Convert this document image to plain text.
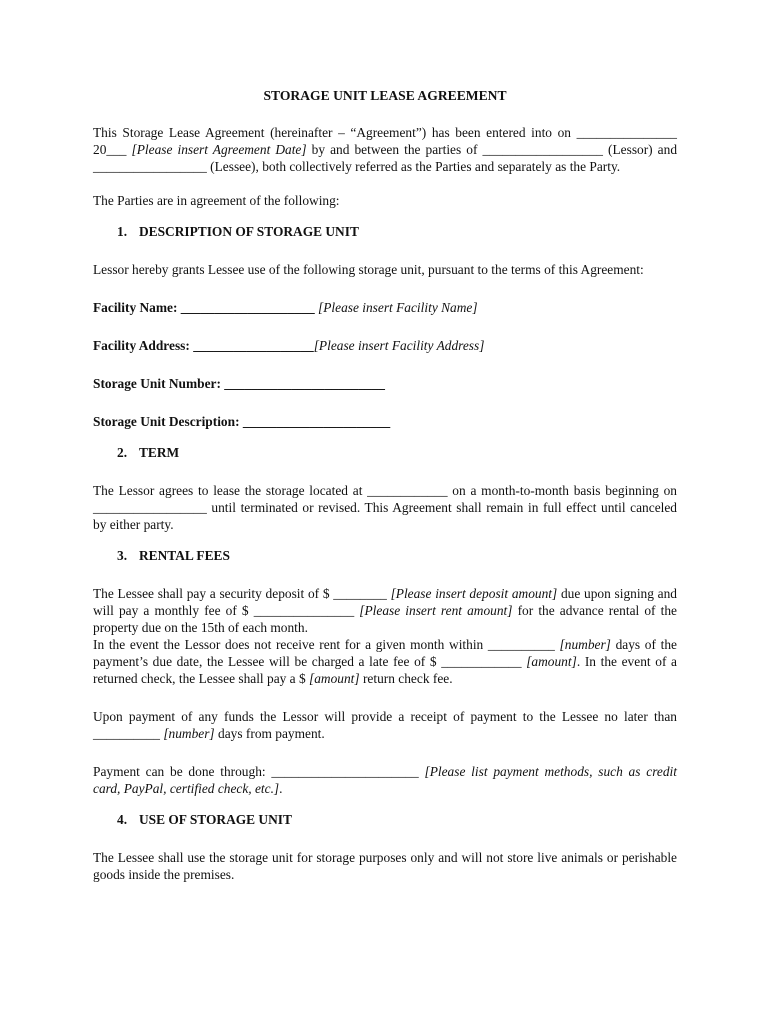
STORAGE UNIT LEASE AGREEMENT

This Storage Lease Agreement (hereinafter – “Agreement”) has been entered into on _______________ 20___ [Please insert Agreement Date] by and between the parties of __________________ (Lessor) and _________________ (Lessee), both collectively referred as the Parties and separately as the Party.

The Parties are in agreement of the following:

1. DESCRIPTION OF STORAGE UNIT

Lessor hereby grants Lessee use of the following storage unit, pursuant to the terms of this Agreement:

Facility Name: ____________________ [Please insert Facility Name]

Facility Address: __________________[Please insert Facility Address]

Storage Unit Number: ________________________

Storage Unit Description: ______________________

2. TERM

The Lessor agrees to lease the storage located at ____________ on a month-to-month basis beginning on _________________ until terminated or revised. This Agreement shall remain in full effect until canceled by either party.

3. RENTAL FEES

The Lessee shall pay a security deposit of $ ________ [Please insert deposit amount] due upon signing and will pay a monthly fee of $ _______________ [Please insert rent amount] for the advance rental of the property due on the 15th of each month.

In the event the Lessor does not receive rent for a given month within __________ [number] days of the payment’s due date, the Lessee will be charged a late fee of $ ____________ [amount]. In the event of a returned check, the Lessee shall pay a $ [amount] return check fee.

Upon payment of any funds the Lessor will provide a receipt of payment to the Lessee no later than __________ [number] days from payment.

Payment can be done through: ______________________ [Please list payment methods, such as credit card, PayPal, certified check, etc.].

4. USE OF STORAGE UNIT

The Lessee shall use the storage unit for storage purposes only and will not store live animals or perishable goods inside the premises.
